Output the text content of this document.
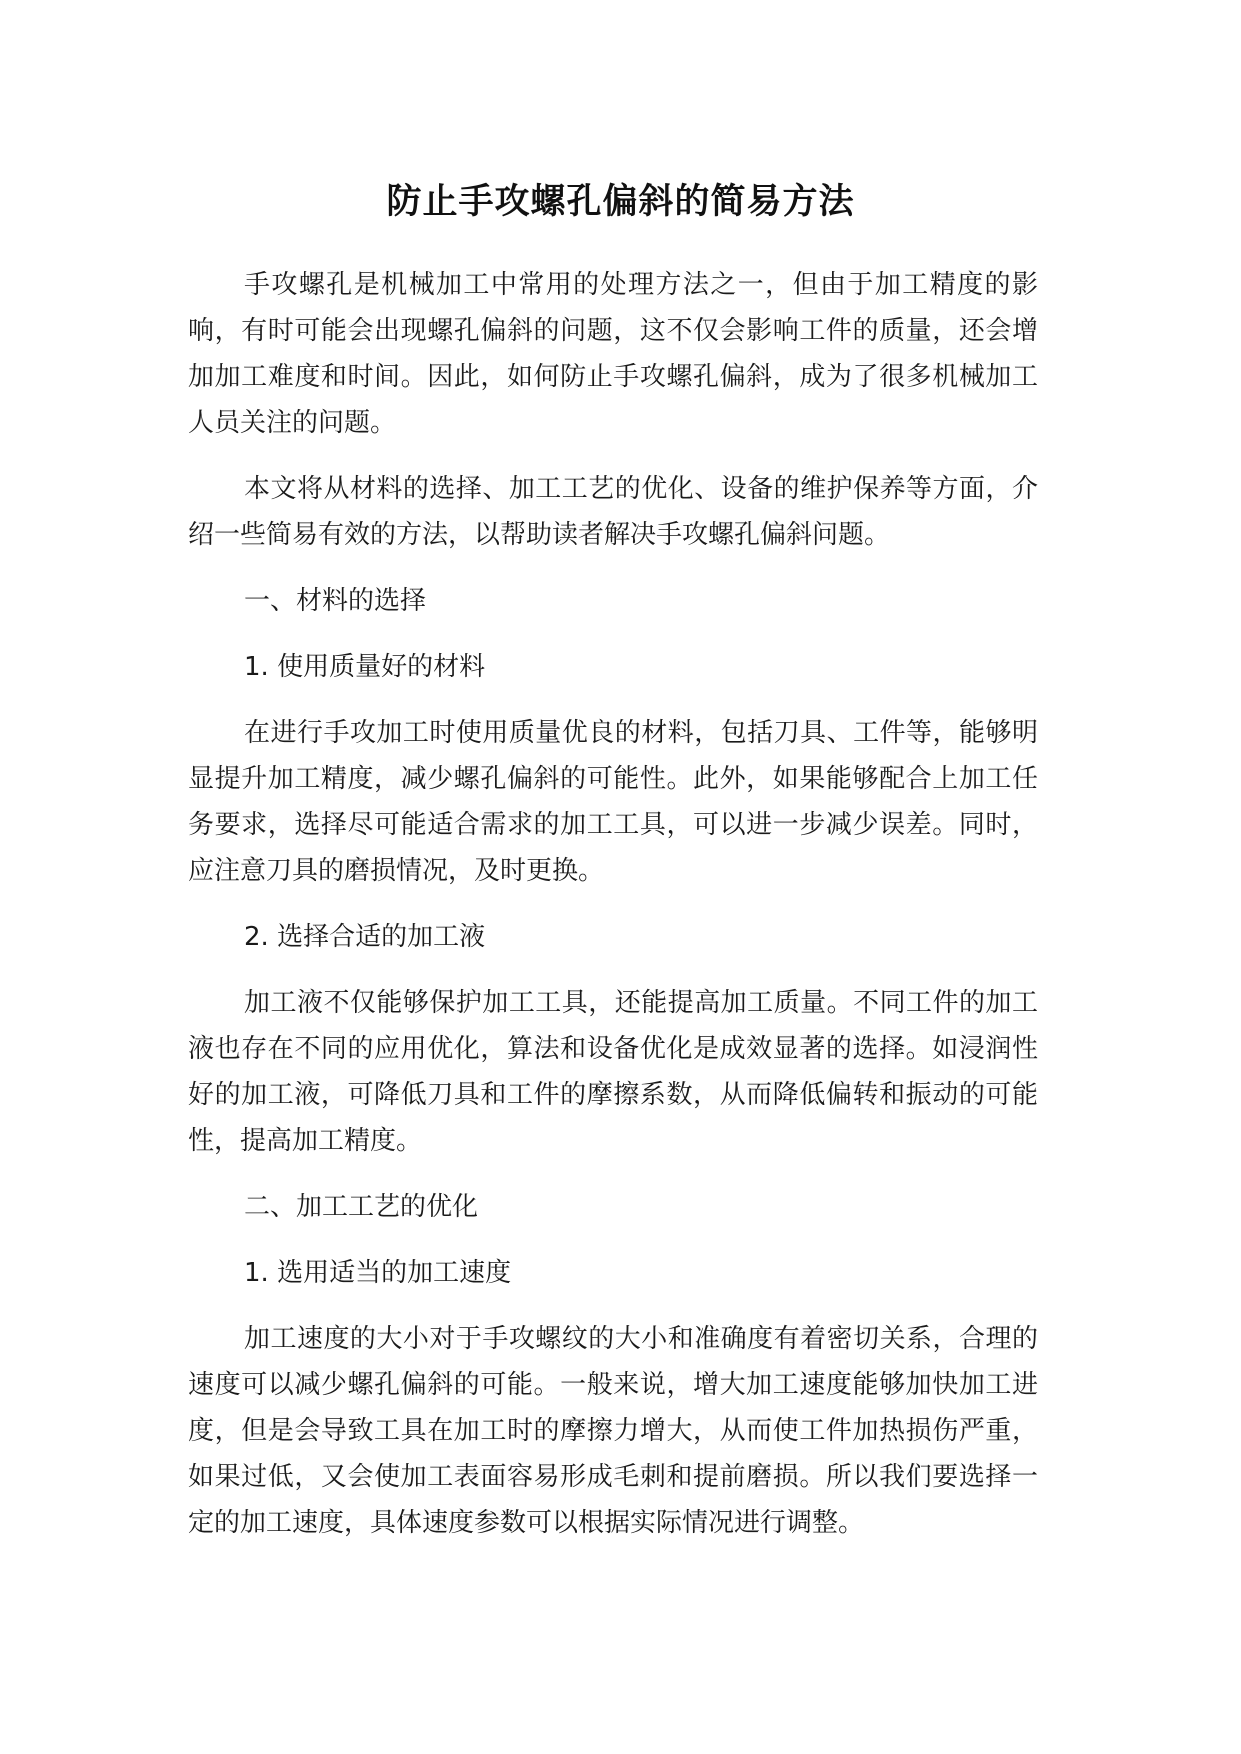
防止手攻螺孔偏斜的简易方法

手攻螺孔是机械加工中常用的处理方法之一，但由于加工精度的影响，有时可能会出现螺孔偏斜的问题，这不仅会影响工件的质量，还会增加加工难度和时间。因此，如何防止手攻螺孔偏斜，成为了很多机械加工人员关注的问题。

本文将从材料的选择、加工工艺的优化、设备的维护保养等方面，介绍一些简易有效的方法，以帮助读者解决手攻螺孔偏斜问题。

一、材料的选择

1. 使用质量好的材料

在进行手攻加工时使用质量优良的材料，包括刀具、工件等，能够明显提升加工精度，减少螺孔偏斜的可能性。此外，如果能够配合上加工任务要求，选择尽可能适合需求的加工工具，可以进一步减少误差。同时，应注意刀具的磨损情况，及时更换。

2. 选择合适的加工液

加工液不仅能够保护加工工具，还能提高加工质量。不同工件的加工液也存在不同的应用优化，算法和设备优化是成效显著的选择。如浸润性好的加工液，可降低刀具和工件的摩擦系数，从而降低偏转和振动的可能性，提高加工精度。

二、加工工艺的优化

1. 选用适当的加工速度

加工速度的大小对于手攻螺纹的大小和准确度有着密切关系，合理的速度可以减少螺孔偏斜的可能。一般来说，增大加工速度能够加快加工进度，但是会导致工具在加工时的摩擦力增大，从而使工件加热损伤严重，如果过低，又会使加工表面容易形成毛刺和提前磨损。所以我们要选择一定的加工速度，具体速度参数可以根据实际情况进行调整。
